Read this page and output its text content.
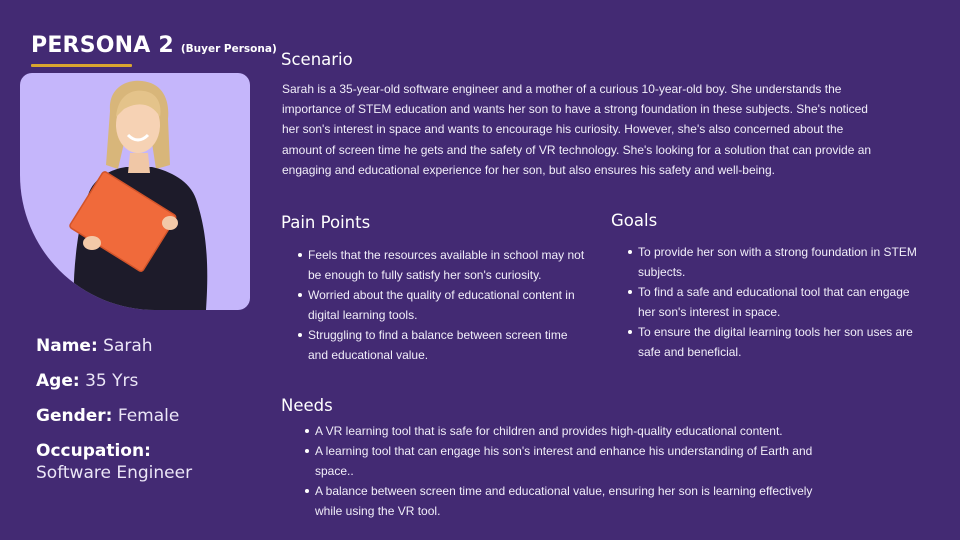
PERSONA 2 (Buyer Persona)
Name: Sarah
Age: 35 Yrs
Gender: Female
Occupation:
Software Engineer
Scenario

Sarah is a 35-year-old software engineer and a mother of a curious 10-year-old boy. She understands the importance of STEM education and wants her son to have a strong foundation in these subjects. She's noticed her son's interest in space and wants to encourage his curiosity. However, she's also concerned about the amount of screen time he gets and the safety of VR technology. She's looking for a solution that can provide an engaging and educational experience for her son, but also ensures his safety and well-being.

Pain Points
Feels that the resources available in school may not be enough to fully satisfy her son's curiosity.
Worried about the quality of educational content in digital learning tools.
Struggling to find a balance between screen time and educational value.
Goals
To provide her son with a strong foundation in STEM subjects.
To find a safe and educational tool that can engage her son's interest in space.
To ensure the digital learning tools her son uses are safe and beneficial.
Needs
A VR learning tool that is safe for children and provides high-quality educational content.
A learning tool that can engage his son's interest and enhance his understanding of Earth and space..
A balance between screen time and educational value, ensuring her son is learning effectively while using the VR tool.
